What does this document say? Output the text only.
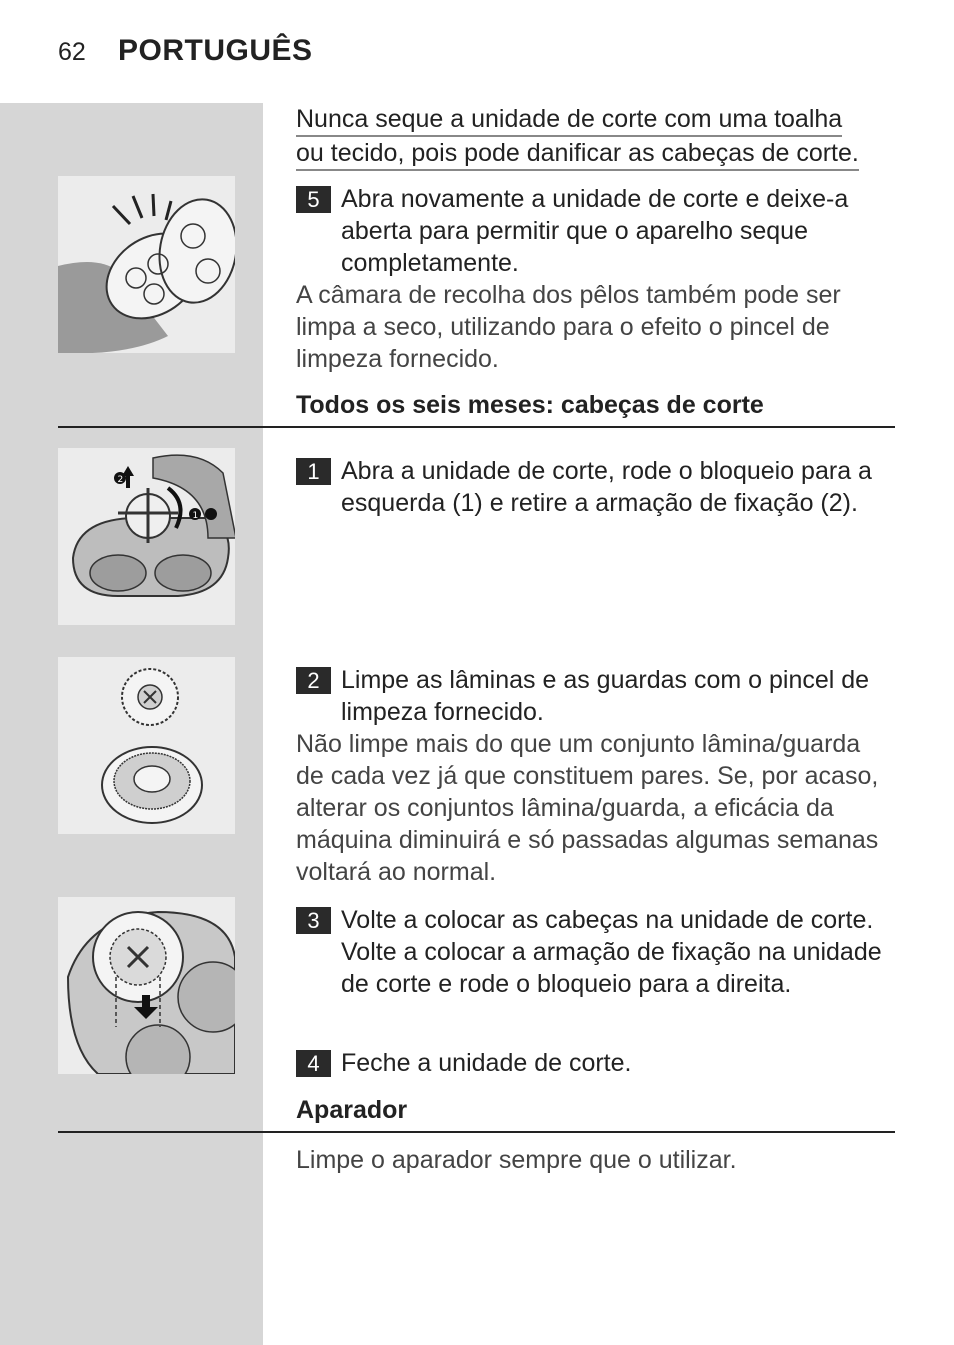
62 PORTUGUÊS
Nunca seque a unidade de corte com uma toalha
ou tecido, pois pode danificar as cabeças de corte.
5 Abra novamente a unidade de corte e deixe-a aberta para permitir que o aparelho seque completamente.
A câmara de recolha dos pêlos também pode ser limpa a seco, utilizando para o efeito o pincel de limpeza fornecido.
Todos os seis meses: cabeças de corte
2
1
1 Abra a unidade de corte, rode o bloqueio para a esquerda (1) e retire a armação de fixação (2).
2 Limpe as lâminas e as guardas com o pincel de limpeza fornecido.
Não limpe mais do que um conjunto lâmina/guarda de cada vez já que constituem pares. Se, por acaso, alterar os conjuntos lâmina/guarda, a eficácia da máquina diminuirá e só passadas algumas semanas voltará ao normal.
3 Volte a colocar as cabeças na unidade de corte. Volte a colocar a armação de fixação na unidade de corte e rode o bloqueio para a direita.
4 Feche a unidade de corte.
Aparador
Limpe o aparador sempre que o utilizar.
